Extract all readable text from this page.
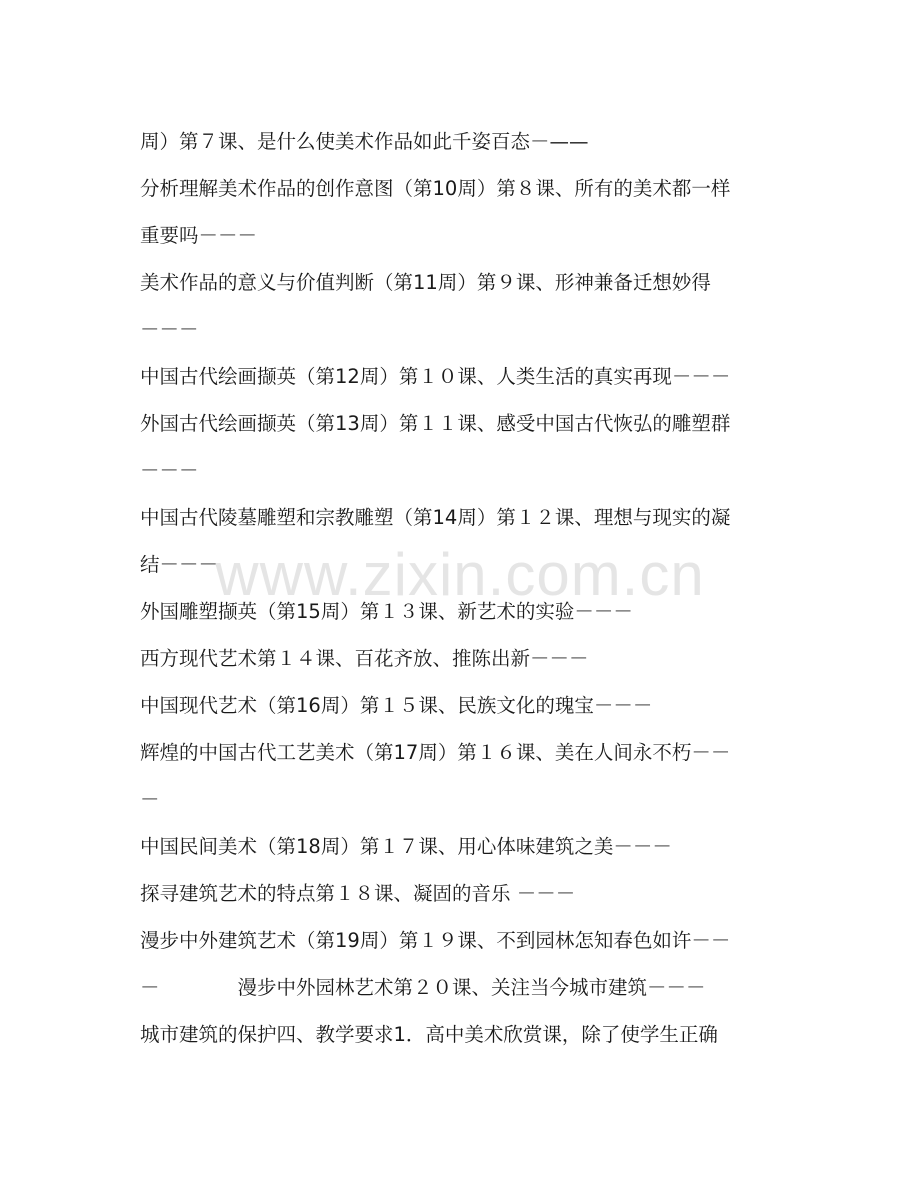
周）第７课、是什么使美术作品如此千姿百态－——
分析理解美术作品的创作意图（第10周）第８课、所有的美术都一样
重要吗－－－
美术作品的意义与价值判断（第11周）第９课、形神兼备迁想妙得
－－－
中国古代绘画撷英（第12周）第１０课、人类生活的真实再现－－－
外国古代绘画撷英（第13周）第１１课、感受中国古代恢弘的雕塑群
－－－
中国古代陵墓雕塑和宗教雕塑（第14周）第１２课、理想与现实的凝
结－－－
外国雕塑撷英（第15周）第１３课、新艺术的实验－－－
西方现代艺术第１４课、百花齐放、推陈出新－－－
中国现代艺术（第16周）第１５课、民族文化的瑰宝－－－
辉煌的中国古代工艺美术（第17周）第１６课、美在人间永不朽－－
－
中国民间美术（第18周）第１７课、用心体味建筑之美－－－
探寻建筑艺术的特点第１８课、凝固的音乐 －－－
漫步中外建筑艺术（第19周）第１９课、不到园林怎知春色如许－－
－　　　　漫步中外园林艺术第２０课、关注当今城市建筑－－－
城市建筑的保护四、教学要求1．高中美术欣赏课，除了使学生正确
www.zixin.com.cn
